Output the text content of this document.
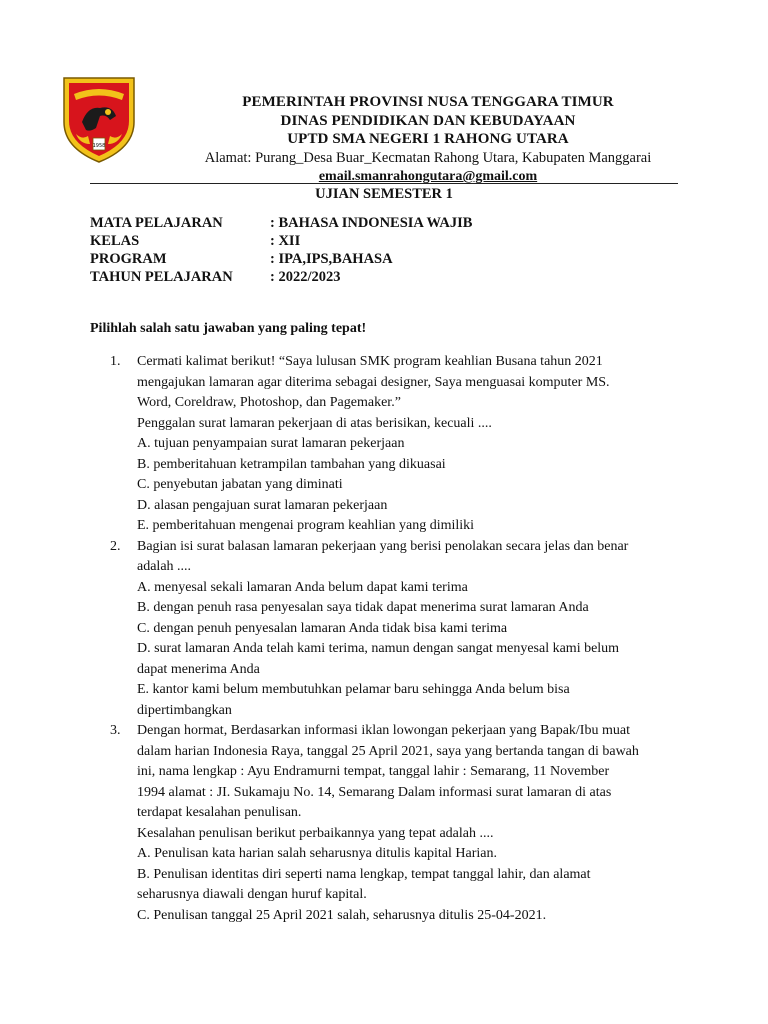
1958
PEMERINTAH PROVINSI NUSA TENGGARA TIMUR
DINAS PENDIDIKAN DAN KEBUDAYAAN
UPTD SMA NEGERI 1 RAHONG UTARA
Alamat: Purang_Desa Buar_Kecmatan Rahong Utara, Kabupaten Manggarai
email.smanrahongutara@gmail.com
UJIAN SEMESTER 1
MATA PELAJARAN	: BAHASA INDONESIA WAJIB
KELAS	: XII
PROGRAM	: IPA,IPS,BAHASA
TAHUN PELAJARAN	: 2022/2023
Pilihlah salah satu jawaban yang paling tepat!
1.	Cermati kalimat berikut! “Saya lulusan SMK program keahlian Busana tahun 2021
mengajukan lamaran agar diterima sebagai designer, Saya menguasai komputer MS.
Word, Coreldraw, Photoshop, dan Pagemaker.”
Penggalan surat lamaran pekerjaan di atas berisikan, kecuali ....
A. tujuan penyampaian surat lamaran pekerjaan
B. pemberitahuan ketrampilan tambahan yang dikuasai
C. penyebutan jabatan yang diminati
D. alasan pengajuan surat lamaran pekerjaan
E. pemberitahuan mengenai program keahlian yang dimiliki
2.	Bagian isi surat balasan lamaran pekerjaan yang berisi penolakan secara jelas dan benar
adalah ....
A. menyesal sekali lamaran Anda belum dapat kami terima
B. dengan penuh rasa penyesalan saya tidak dapat menerima surat lamaran Anda
C. dengan penuh penyesalan lamaran Anda tidak bisa kami terima
D. surat lamaran Anda telah kami terima, namun dengan sangat menyesal kami belum
dapat menerima Anda
E. kantor kami belum membutuhkan pelamar baru sehingga Anda belum bisa
dipertimbangkan
3.	Dengan hormat, Berdasarkan informasi iklan lowongan pekerjaan yang Bapak/Ibu muat
dalam harian Indonesia Raya, tanggal 25 April 2021, saya yang bertanda tangan di bawah
ini, nama lengkap : Ayu Endramurni tempat, tanggal lahir : Semarang, 11 November
1994 alamat : JI. Sukamaju No. 14, Semarang Dalam informasi surat lamaran di atas
terdapat kesalahan penulisan.
Kesalahan penulisan berikut perbaikannya yang tepat adalah ....
A. Penulisan kata harian salah seharusnya ditulis kapital Harian.
B. Penulisan identitas diri seperti nama lengkap, tempat tanggal lahir, dan alamat
seharusnya diawali dengan huruf kapital.
C. Penulisan tanggal 25 April 2021 salah, seharusnya ditulis 25-04-2021.
